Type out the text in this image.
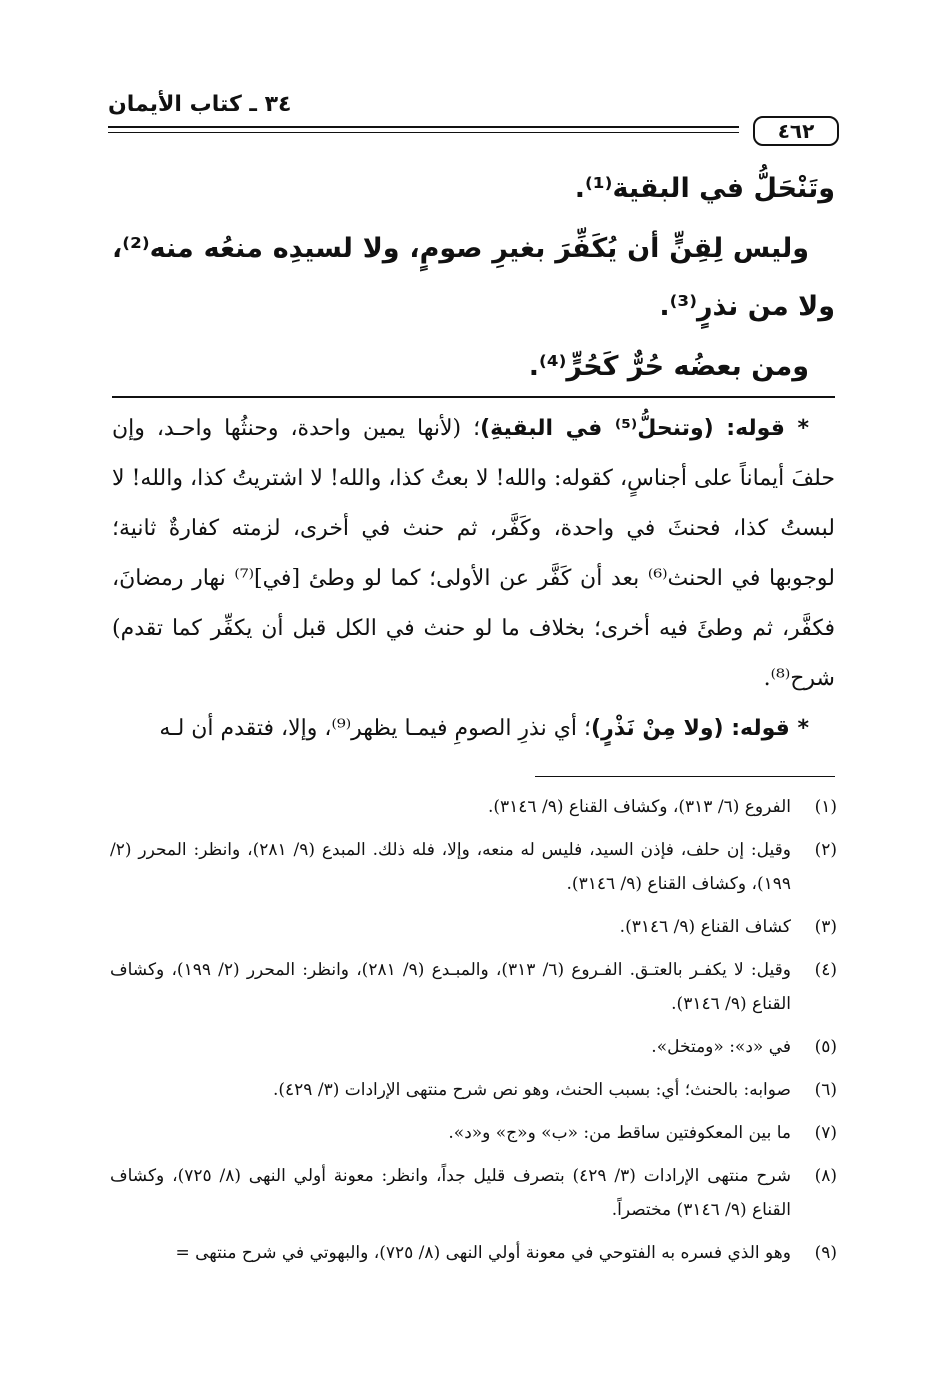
٣٤ ـ كتاب الأيمان
٤٦٢

وتَنْحَلُّ في البقية⁽¹⁾.

وليس لِقِنٍّ أن يُكَفِّرَ بغيرِ صومٍ، ولا لسيدِه منعُه منه⁽²⁾، ولا من نذرٍ⁽³⁾.

ومن بعضُه حُرٌّ كَحُرٍّ⁽⁴⁾.

* قوله: (وتنحلُّ⁽⁵⁾ في البقيةِ)؛ (لأنها يمين واحدة، وحنثُها واحـد، وإن حلفَ أيماناً على أجناسٍ، كقوله: والله! لا بعتُ كذا، والله! لا اشتريتُ كذا، والله! لا لبستُ كذا، فحنثَ في واحدة، وكَفَّر، ثم حنث في أخرى، لزمته كفارةٌ ثانية؛ لوجوبها في الحنث⁽⁶⁾ بعد أن كَفَّر عن الأولى؛ كما لو وطئ [في]⁽⁷⁾ نهار رمضانَ، فكفَّر، ثم وطئَ فيه أخرى؛ بخلاف ما لو حنث في الكل قبل أن يكفِّر كما تقدم) شرح⁽⁸⁾.

* قوله: (ولا مِنْ نَذْرٍ)؛ أي نذرِ الصومِ فيمـا يظهر⁽⁹⁾، وإلا، فتقدم أن لـه

(١)
الفروع (٦/ ٣١٣)، وكشاف القناع (٩/ ٣١٤٦).
(٢)
وقيل: إن حلف، فإذن السيد، فليس له منعه، وإلا، فله ذلك. المبدع (٩/ ٢٨١)، وانظر: المحرر (٢/ ١٩٩)، وكشاف القناع (٩/ ٣١٤٦).
(٣)
كشاف القناع (٩/ ٣١٤٦).
(٤)
وقيل: لا يكفـر بالعتـق. الفـروع (٦/ ٣١٣)، والمبـدع (٩/ ٢٨١)، وانظر: المحرر (٢/ ١٩٩)، وكشاف القناع (٩/ ٣١٤٦).
(٥)
في «د»: «ومتخل».
(٦)
صوابه: بالحنث؛ أي: بسبب الحنث، وهو نص شرح منتهى الإرادات (٣/ ٤٢٩).
(٧)
ما بين المعكوفتين ساقط من: «ب» و«ج» و«د».
(٨)
شرح منتهى الإرادات (٣/ ٤٢٩) بتصرف قليل جداً، وانظر: معونة أولي النهى (٨/ ٧٢٥)، وكشاف القناع (٩/ ٣١٤٦) مختصراً.
(٩)
وهو الذي فسره به الفتوحي في معونة أولي النهى (٨/ ٧٢٥)، والبهوتي في شرح منتهى =
